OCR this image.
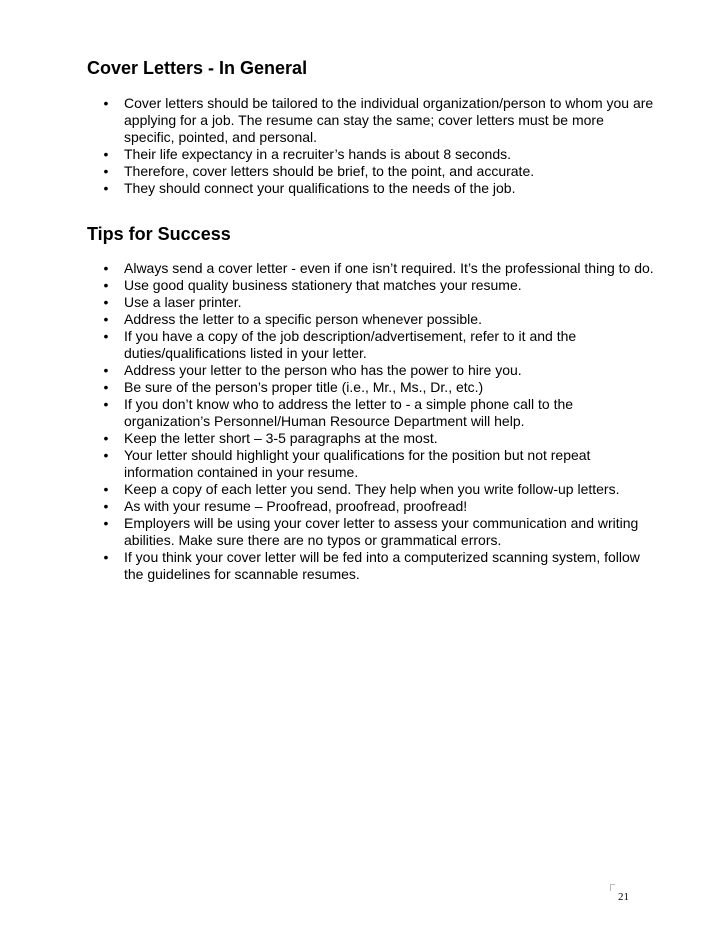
Cover Letters - In General
• Cover letters should be tailored to the individual organization/person to whom you are applying for a job. The resume can stay the same; cover letters must be more specific, pointed, and personal.
• Their life expectancy in a recruiter’s hands is about 8 seconds.
• Therefore, cover letters should be brief, to the point, and accurate.
• They should connect your qualifications to the needs of the job.
Tips for Success
• Always send a cover letter - even if one isn’t required. It’s the professional thing to do.
• Use good quality business stationery that matches your resume.
• Use a laser printer.
• Address the letter to a specific person whenever possible.
• If you have a copy of the job description/advertisement, refer to it and the duties/qualifications listed in your letter.
• Address your letter to the person who has the power to hire you.
• Be sure of the person’s proper title (i.e., Mr., Ms., Dr., etc.)
• If you don’t know who to address the letter to - a simple phone call to the organization’s Personnel/Human Resource Department will help.
• Keep the letter short – 3-5 paragraphs at the most.
• Your letter should highlight your qualifications for the position but not repeat information contained in your resume.
• Keep a copy of each letter you send. They help when you write follow-up letters.
• As with your resume – Proofread, proofread, proofread!
• Employers will be using your cover letter to assess your communication and writing abilities. Make sure there are no typos or grammatical errors.
• If you think your cover letter will be fed into a computerized scanning system, follow the guidelines for scannable resumes.
21
